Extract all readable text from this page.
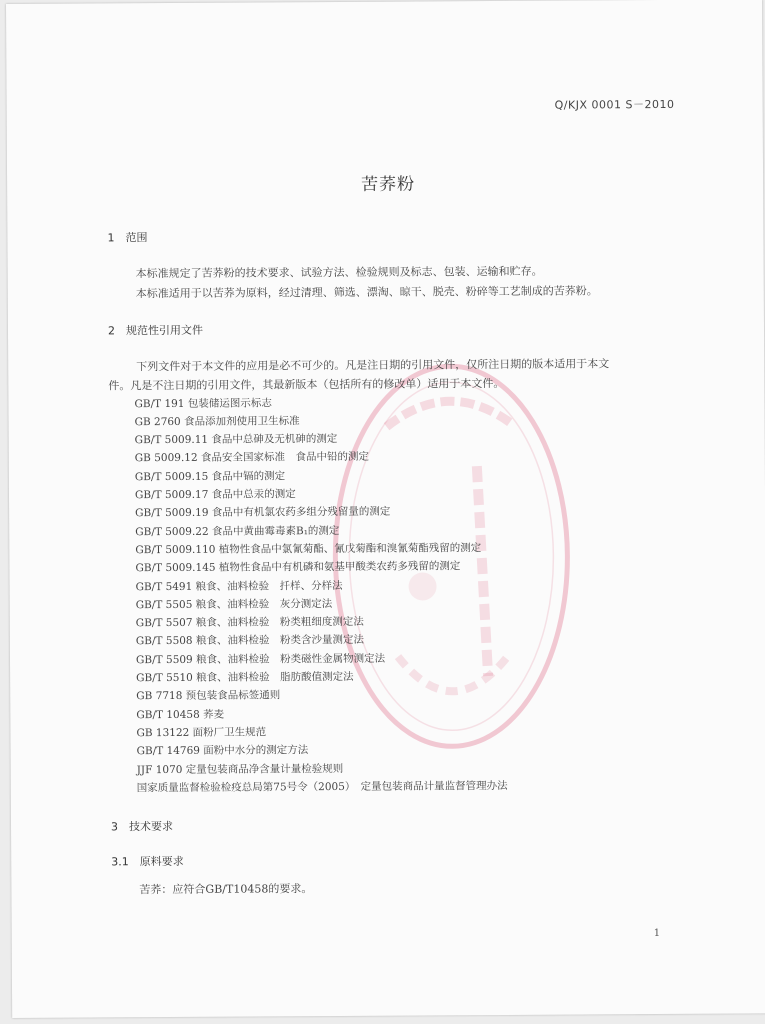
Q/KJX 0001 S－2010
苦荞粉
1　范围
本标准规定了苦荞粉的技术要求、试验方法、检验规则及标志、包装、运输和贮存。
本标准适用于以苦荞为原料，经过清理、筛选、漂淘、晾干、脱壳、粉碎等工艺制成的苦荞粉。
2　规范性引用文件
下列文件对于本文件的应用是必不可少的。凡是注日期的引用文件，仅所注日期的版本适用于本文
件。凡是不注日期的引用文件，其最新版本（包括所有的修改单）适用于本文件。
GB/T 191 包装储运图示标志
GB 2760 食品添加剂使用卫生标准
GB/T 5009.11 食品中总砷及无机砷的测定
GB 5009.12 食品安全国家标准　食品中铅的测定
GB/T 5009.15 食品中镉的测定
GB/T 5009.17 食品中总汞的测定
GB/T 5009.19 食品中有机氯农药多组分残留量的测定
GB/T 5009.22 食品中黄曲霉毒素B₁的测定
GB/T 5009.110 植物性食品中氯氰菊酯、氰戊菊酯和溴氰菊酯残留的测定
GB/T 5009.145 植物性食品中有机磷和氨基甲酸类农药多残留的测定
GB/T 5491 粮食、油料检验　扦样、分样法
GB/T 5505 粮食、油料检验　灰分测定法
GB/T 5507 粮食、油料检验　粉类粗细度测定法
GB/T 5508 粮食、油料检验　粉类含沙量测定法
GB/T 5509 粮食、油料检验　粉类磁性金属物测定法
GB/T 5510 粮食、油料检验　脂肪酸值测定法
GB 7718 预包装食品标签通则
GB/T 10458 荞麦
GB 13122 面粉厂卫生规范
GB/T 14769 面粉中水分的测定方法
JJF 1070 定量包装商品净含量计量检验规则
国家质量监督检验检疫总局第75号令（2005）　定量包装商品计量监督管理办法
3　技术要求
3.1　原料要求
苦荞：应符合GB/T10458的要求。
1
